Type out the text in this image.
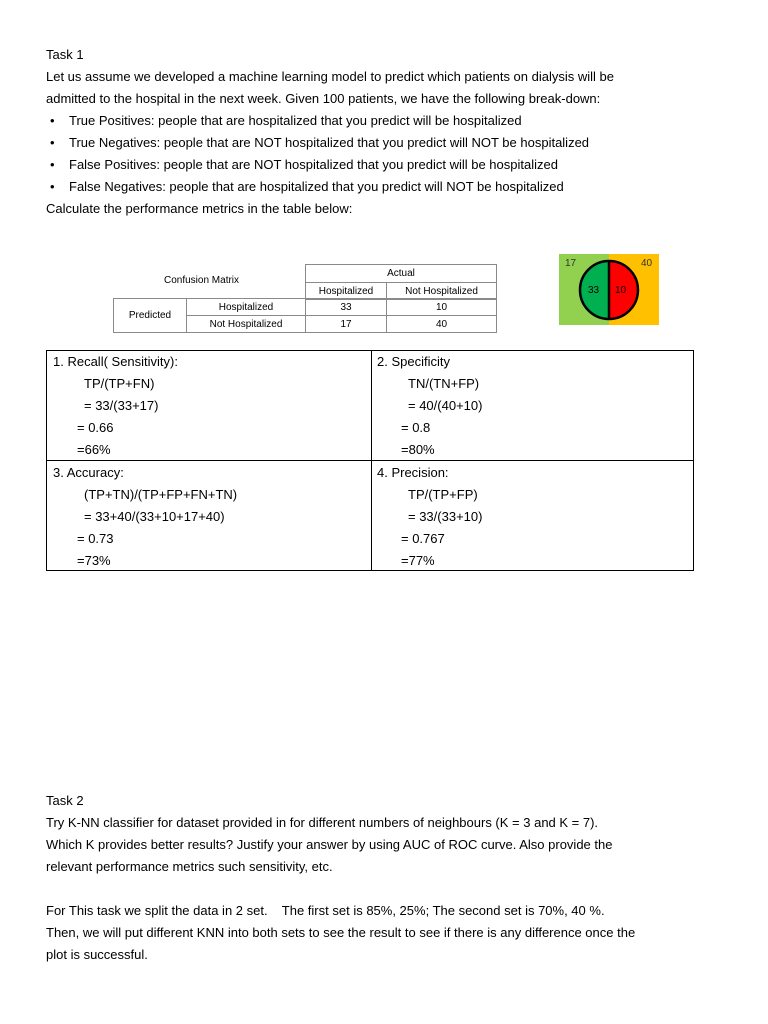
Task 1
Let us assume we developed a machine learning model to predict which patients on dialysis will be
admitted to the hospital in the next week. Given 100 patients, we have the following break-down:
• True Positives: people that are hospitalized that you predict will be hospitalized
• True Negatives: people that are NOT hospitalized that you predict will NOT be hospitalized
• False Positives: people that are NOT hospitalized that you predict will be hospitalized
• False Negatives: people that are hospitalized that you predict will NOT be hospitalized
Calculate the performance metrics in the table below:
Confusion Matrix
Actual
Hospitalized	Not Hospitalized
Predicted	Hospitalized	33	10
	Not Hospitalized	17	40
17	40
33 10
1. Recall( Sensitivity):
TP/(TP+FN)
= 33/(33+17)
= 0.66
=66%
2. Specificity
TN/(TN+FP)
= 40/(40+10)
= 0.8
=80%
3. Accuracy:
(TP+TN)/(TP+FP+FN+TN)
= 33+40/(33+10+17+40)
= 0.73
=73%
4. Precision:
TP/(TP+FP)
= 33/(33+10)
= 0.767
=77%
Task 2
Try K-NN classifier for dataset provided in for different numbers of neighbours (K = 3 and K = 7).
Which K provides better results? Justify your answer by using AUC of ROC curve. Also provide the
relevant performance metrics such sensitivity, etc.
For This task we split the data in 2 set.    The first set is 85%, 25%; The second set is 70%, 40 %.
Then, we will put different KNN into both sets to see the result to see if there is any difference once the
plot is successful.
